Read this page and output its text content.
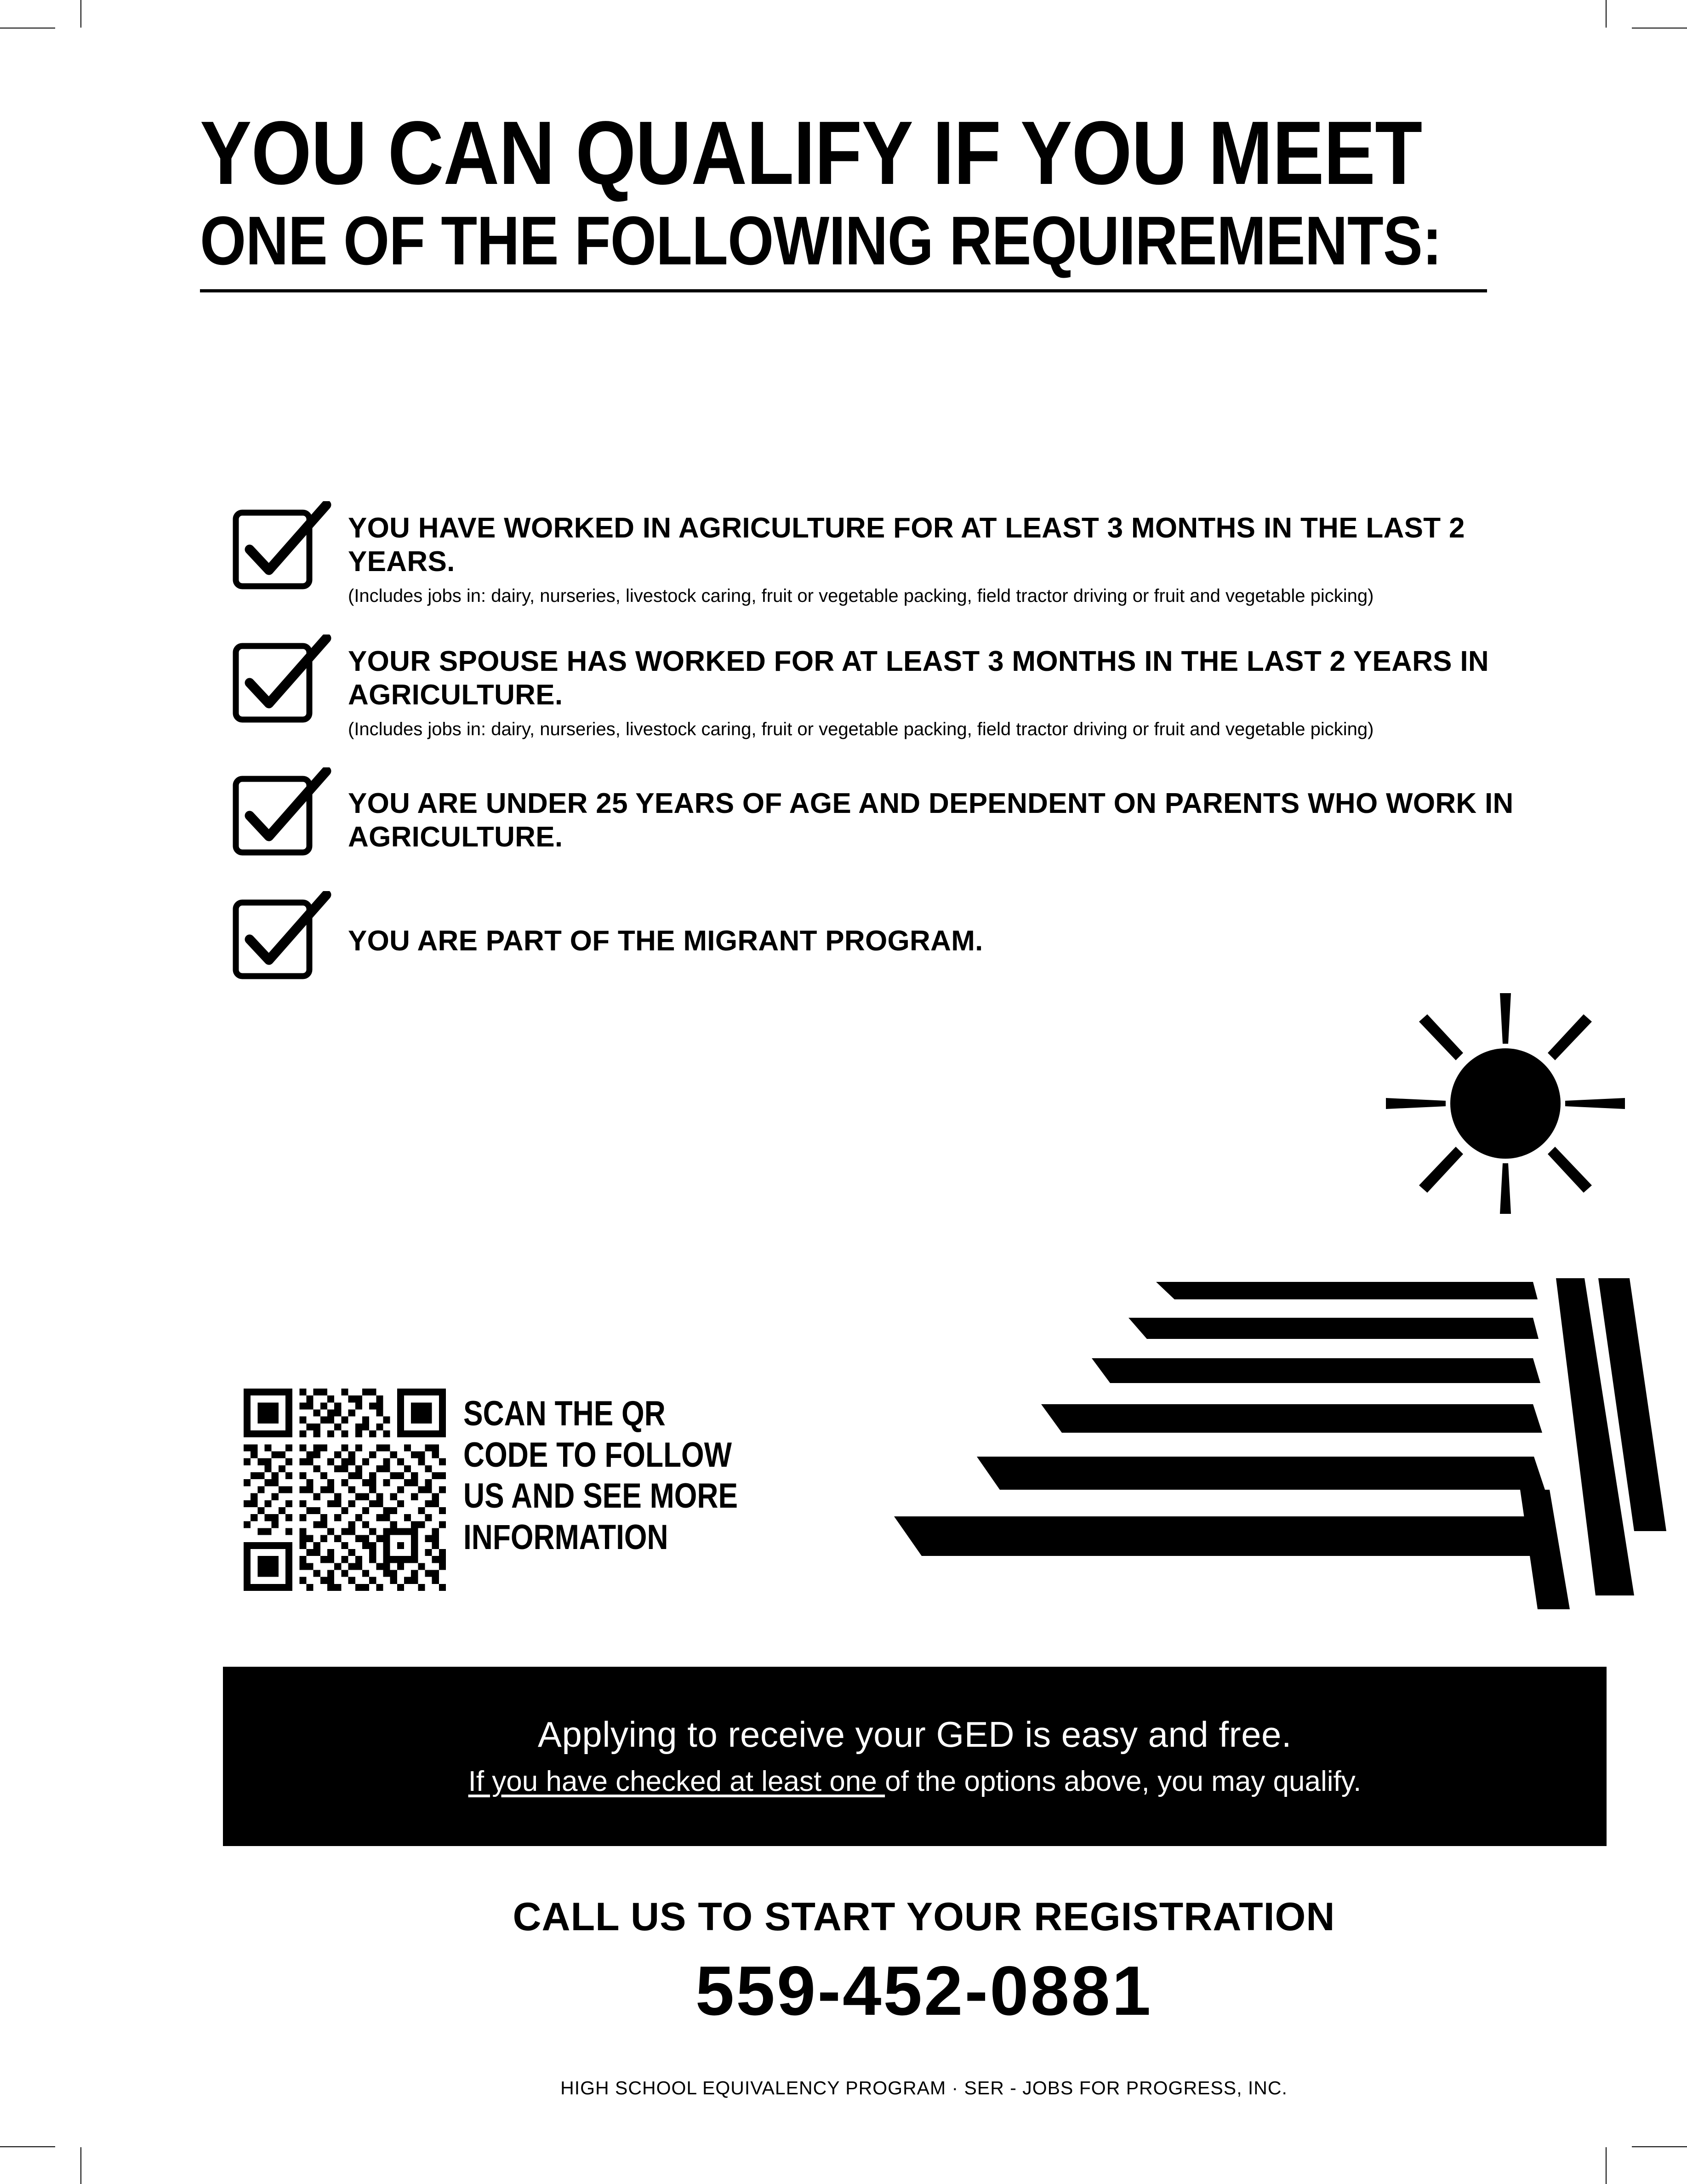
YOU CAN QUALIFY IF YOU MEET
ONE OF THE FOLLOWING REQUIREMENTS:
YOU HAVE WORKED IN AGRICULTURE FOR AT LEAST 3 MONTHS IN THE LAST 2 YEARS.
(Includes jobs in: dairy, nurseries, livestock caring, fruit or vegetable packing, field tractor driving or fruit and vegetable picking)
YOUR SPOUSE HAS WORKED FOR AT LEAST 3 MONTHS IN THE LAST 2 YEARS IN AGRICULTURE.
(Includes jobs in: dairy, nurseries, livestock caring, fruit or vegetable packing, field tractor driving or fruit and vegetable picking)
YOU ARE UNDER 25 YEARS OF AGE AND DEPENDENT ON PARENTS WHO WORK IN AGRICULTURE.
YOU ARE PART OF THE MIGRANT PROGRAM.
SCAN THE QR
CODE TO FOLLOW
US AND SEE MORE
INFORMATION
Applying to receive your GED is easy and free.
If you have checked at least one of the options above, you may qualify.
CALL US TO START YOUR REGISTRATION
559-452-0881
HIGH SCHOOL EQUIVALENCY PROGRAM · SER - JOBS FOR PROGRESS, INC.
